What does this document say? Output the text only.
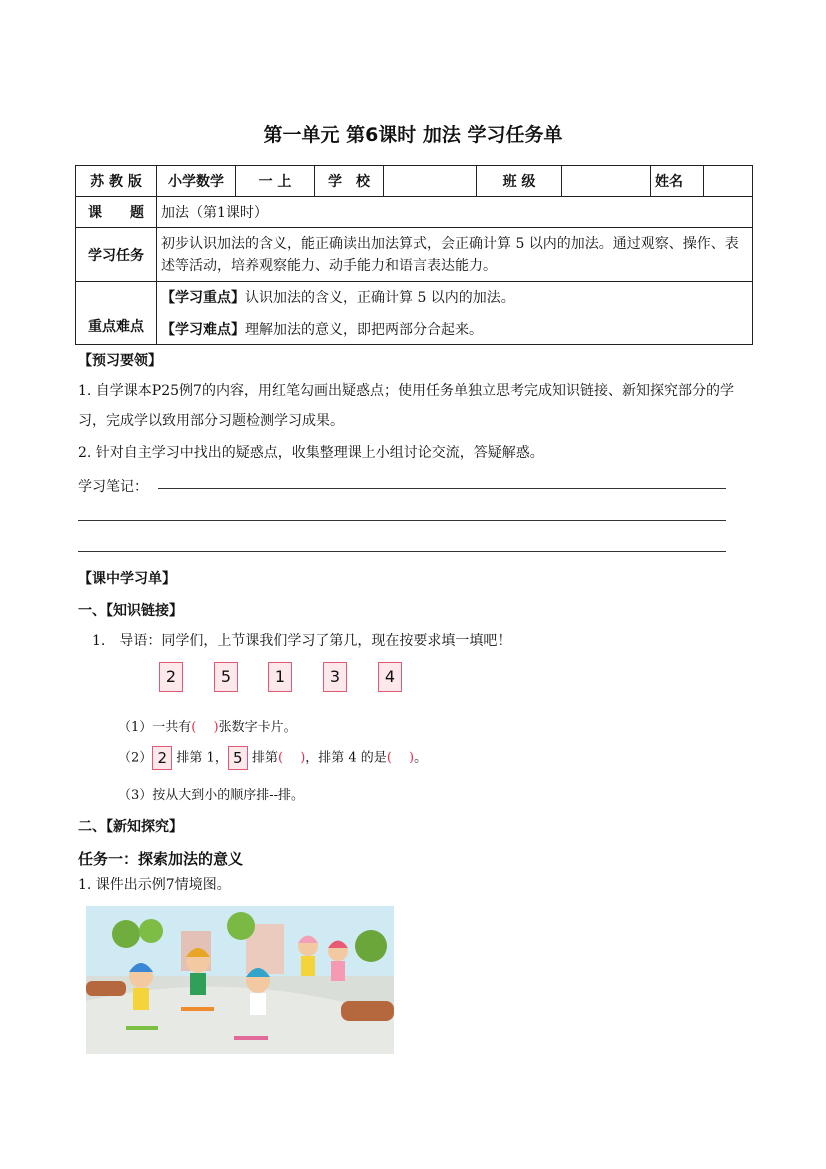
第一单元 第6课时 加法 学习任务单
苏 教 版	小学数学	一 上	学　校		班 级		姓名	
课　　题	加法（第1课时）							
学习任务	初步认识加法的含义，能正确读出加法算式，会正确计算 5 以内的加法。通过观察、操作、表述等活动，培养观察能力、动手能力和语言表达能力。							
重点难点	【学习重点】认识加法的含义，正确计算 5 以内的加法。
【学习难点】理解加法的意义，即把两部分合起来。							
【预习要领】
1. 自学课本P25例7的内容，用红笔勾画出疑惑点；使用任务单独立思考完成知识链接、新知探究部分的学习，完成学以致用部分习题检测学习成果。
2. 针对自主学习中找出的疑惑点，收集整理课上小组讨论交流，答疑解惑。
学习笔记：
【课中学习单】
一、【知识链接】
1.　导语：同学们，上节课我们学习了第几，现在按要求填一填吧！
2	5	1	3	4
（1）一共有(　 )张数字卡片。
（2） 2 排第 1， 5 排第(　 )，排第 4 的是(　 )。
（3）按从大到小的顺序排--排。
二、【新知探究】
任务一：探索加法的意义
1. 课件出示例7情境图。
